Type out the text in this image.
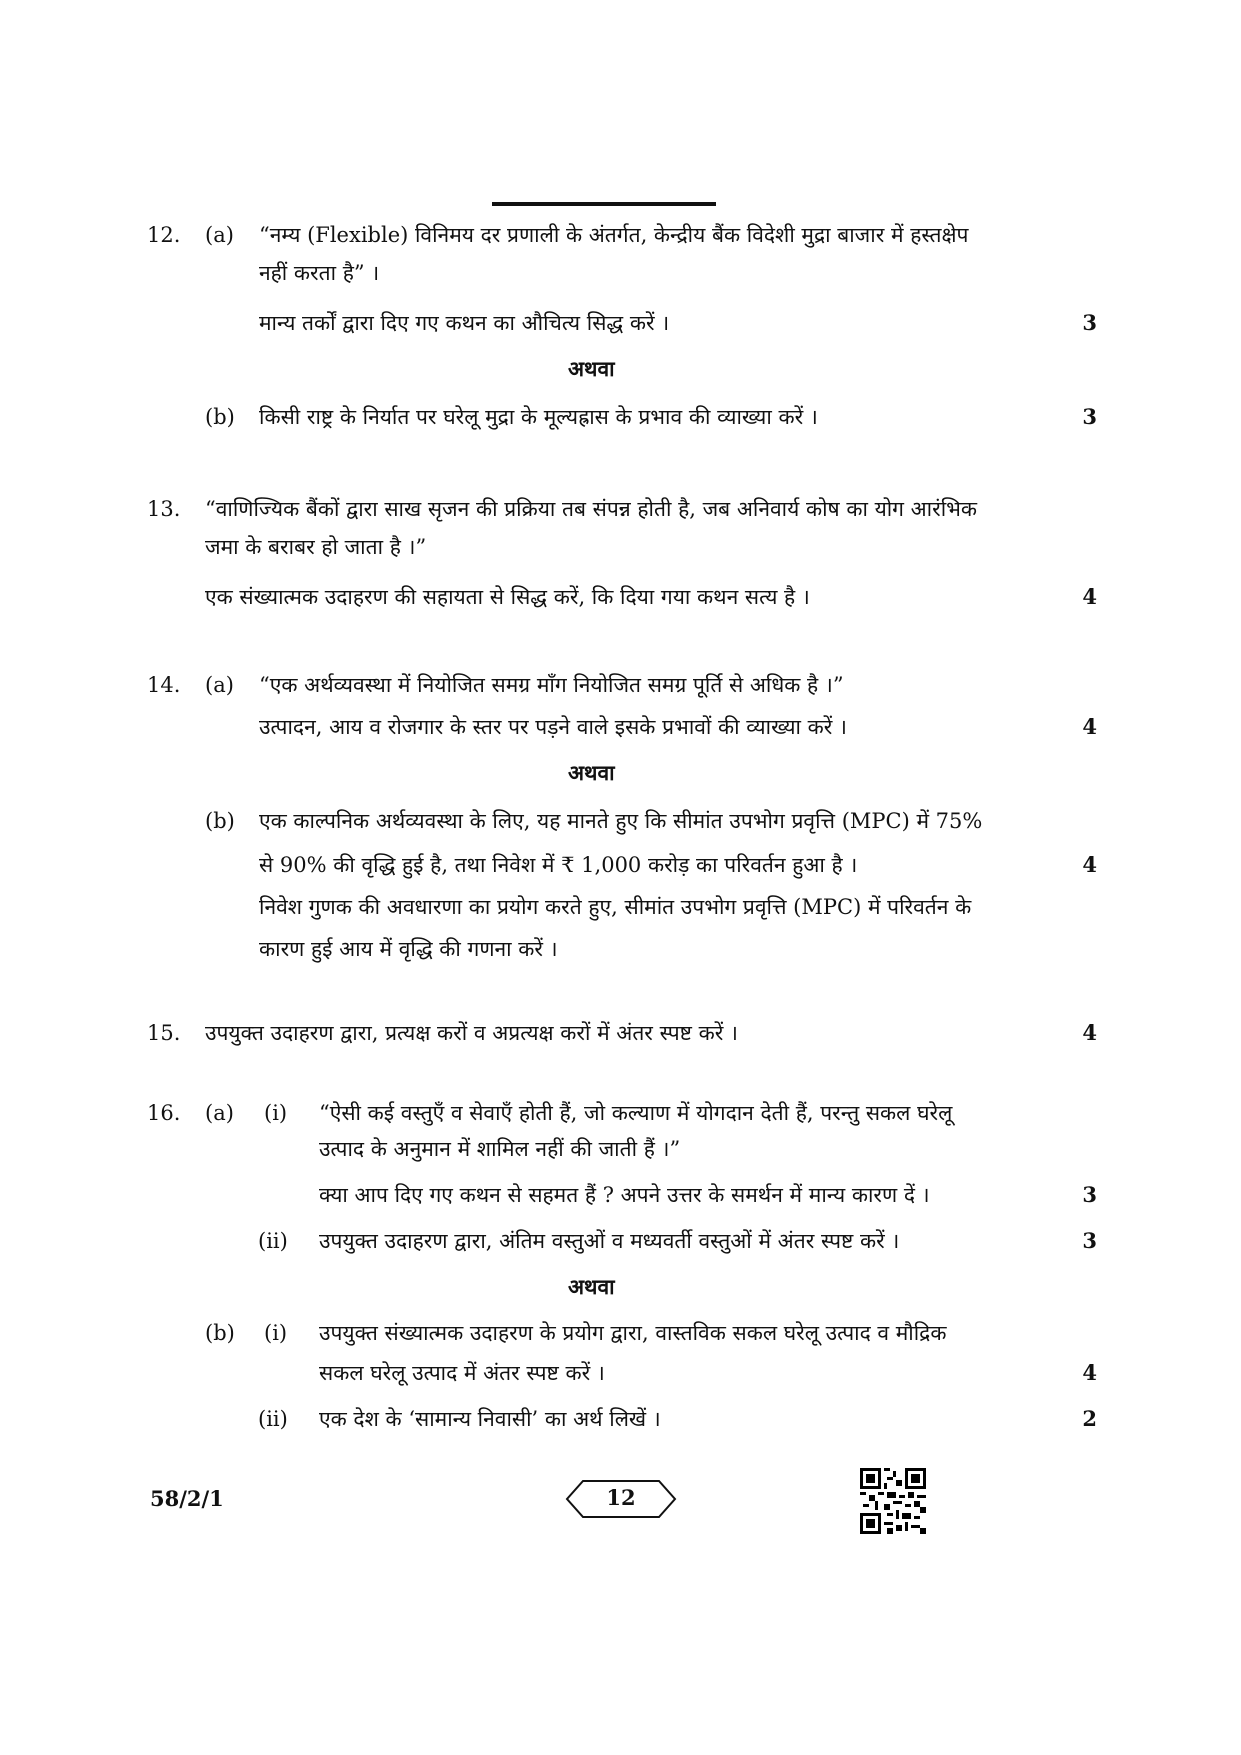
12. (a) “नम्य (Flexible) विनिमय दर प्रणाली के अंतर्गत, केन्द्रीय बैंक विदेशी मुद्रा बाजार में हस्तक्षेप
नहीं करता है” ।
मान्य तर्कों द्वारा दिए गए कथन का औचित्य सिद्ध करें ।	3
अथवा
(b) किसी राष्ट्र के निर्यात पर घरेलू मुद्रा के मूल्यह्रास के प्रभाव की व्याख्या करें ।	3
13. “वाणिज्यिक बैंकों द्वारा साख सृजन की प्रक्रिया तब संपन्न होती है, जब अनिवार्य कोष का योग आरंभिक
जमा के बराबर हो जाता है ।”
एक संख्यात्मक उदाहरण की सहायता से सिद्ध करें, कि दिया गया कथन सत्य है ।	4
14. (a) “एक अर्थव्यवस्था में नियोजित समग्र माँग नियोजित समग्र पूर्ति से अधिक है ।”
उत्पादन, आय व रोजगार के स्तर पर पड़ने वाले इसके प्रभावों की व्याख्या करें ।	4
अथवा
(b) एक काल्पनिक अर्थव्यवस्था के लिए, यह मानते हुए कि सीमांत उपभोग प्रवृत्ति (MPC) में 75%
से 90% की वृद्धि हुई है, तथा निवेश में ₹ 1,000 करोड़ का परिवर्तन हुआ है ।	4
निवेश गुणक की अवधारणा का प्रयोग करते हुए, सीमांत उपभोग प्रवृत्ति (MPC) में परिवर्तन के
कारण हुई आय में वृद्धि की गणना करें ।
15. उपयुक्त उदाहरण द्वारा, प्रत्यक्ष करों व अप्रत्यक्ष करों में अंतर स्पष्ट करें ।	4
16. (a) (i) “ऐसी कई वस्तुएँ व सेवाएँ होती हैं, जो कल्याण में योगदान देती हैं, परन्तु सकल घरेलू
उत्पाद के अनुमान में शामिल नहीं की जाती हैं ।”
क्या आप दिए गए कथन से सहमत हैं ? अपने उत्तर के समर्थन में मान्य कारण दें ।	3
(ii) उपयुक्त उदाहरण द्वारा, अंतिम वस्तुओं व मध्यवर्ती वस्तुओं में अंतर स्पष्ट करें ।	3
अथवा
(b) (i) उपयुक्त संख्यात्मक उदाहरण के प्रयोग द्वारा, वास्तविक सकल घरेलू उत्पाद व मौद्रिक
सकल घरेलू उत्पाद में अंतर स्पष्ट करें ।	4
(ii) एक देश के ‘सामान्य निवासी’ का अर्थ लिखें ।	2
58/2/1	12
